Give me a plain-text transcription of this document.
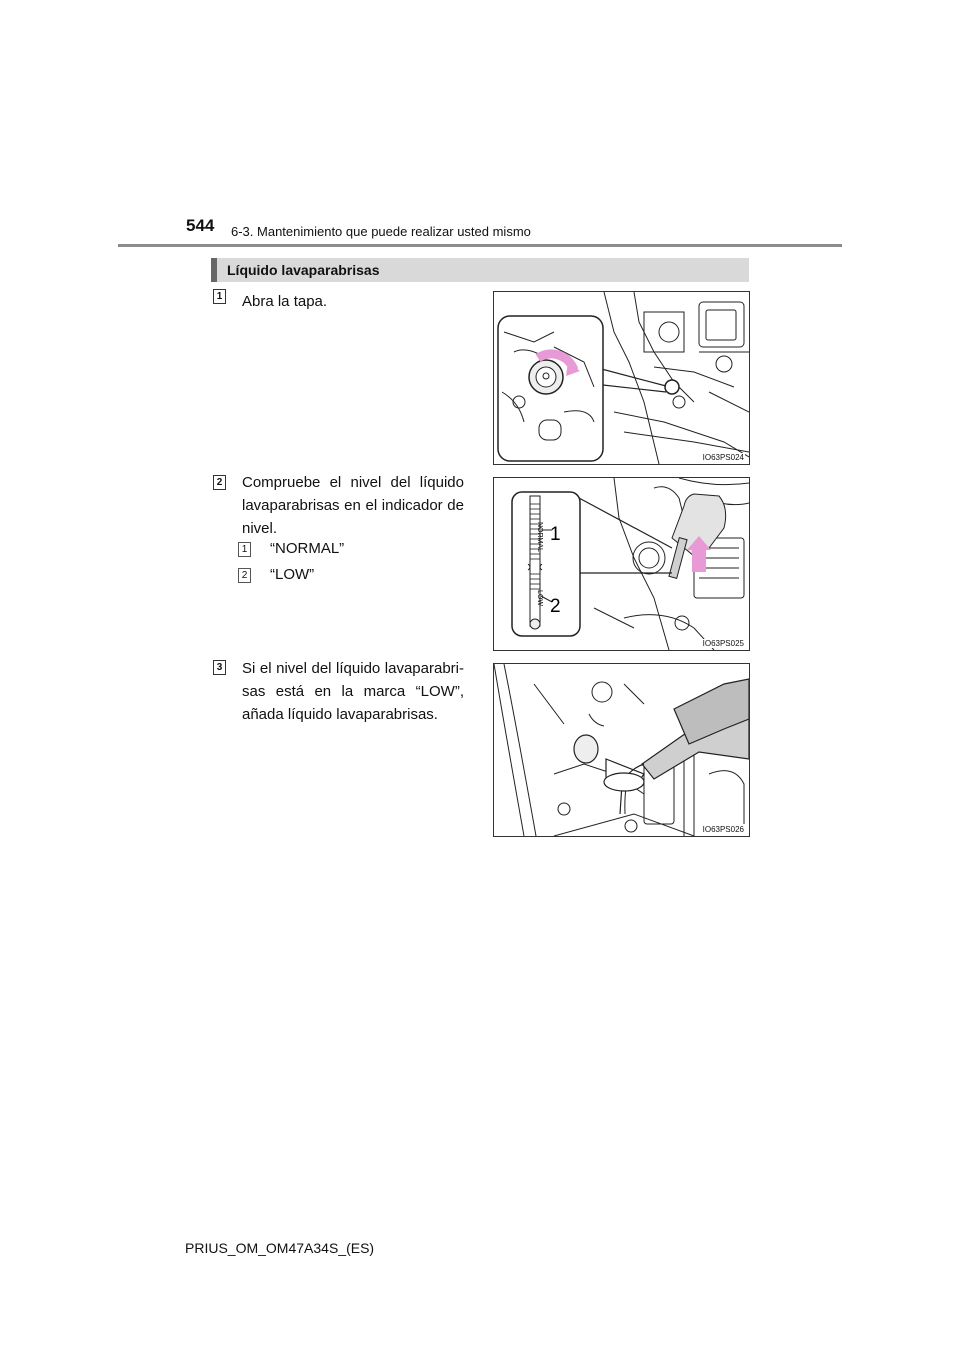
544 6-3. Mantenimiento que puede realizar usted mismo
Líquido lavaparabrisas
1 Abra la tapa.
2 Compruebe el nivel del líquido
lavaparabrisas en el indicador de
nivel.
1 “NORMAL”
2 “LOW”
3 Si el nivel del líquido lavaparabri-
sas está en la marca “LOW”,
añada líquido lavaparabrisas.
IO63PS024
NORMAL
LOW
1
2
IO63PS025
IO63PS026
PRIUS_OM_OM47A34S_(ES)
